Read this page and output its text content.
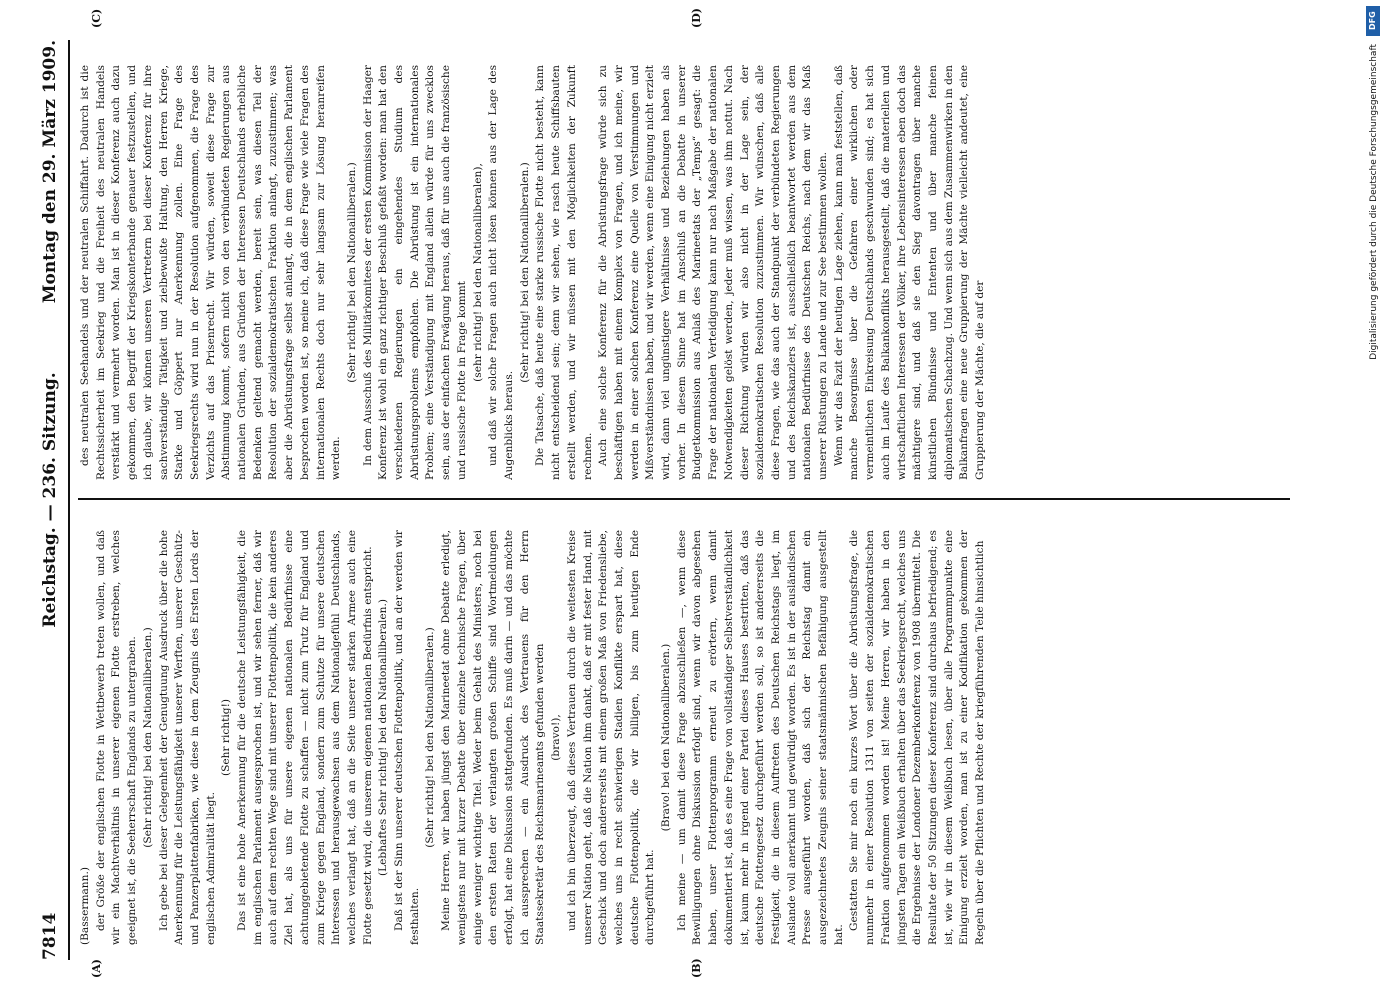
7814
Reichstag. — 236. Sitzung.
Montag den 29. März 1909.
(A)	(B)
(C)	(D)

(Bassermann.) der Größe der englischen Flotte in Wettbewerb treten wollen, und daß wir ein Machtverhältnis in unserer eigenen Flotte erstreben, welches geeignet ist, die Seeherrschaft Englands zu untergraben. (Sehr richtig! bei den Nationalliberalen.) Ich gebe bei dieser Gelegenheit der Genugtuung Ausdruck über die hohe Anerkennung für die Leistungsfähigkeit unserer Werften, unserer Geschütz- und Panzerplattenfabriken, wie diese in dem Zeugnis des Ersten Lords der englischen Admiralität liegt.

(Sehr richtig!) Das ist eine hohe Anerkennung für die deutsche Leistungsfähigkeit, die im englischen Parlament ausgesprochen ist, und wir sehen ferner, daß wir auch auf dem rechten Wege sind mit unserer Flottenpolitik, die kein anderes Ziel hat, als uns für unsere eigenen nationalen Bedürfnisse eine achtunggebietende Flotte zu schaffen — nicht zum Trutz für England und zum Kriege gegen England, sondern zum Schutze für unsere deutschen Interessen und herausgewachsen aus dem Nationalgefühl Deutschlands, welches verlangt hat, daß an die Seite unserer starken Armee auch eine Flotte gesetzt wird, die unserem eigenen nationalen Bedürfnis entspricht. (Lebhaftes Sehr richtig! bei den Nationalliberalen.) Daß ist der Sinn unserer deutschen Flottenpolitik, und an der werden wir festhalten.

(Sehr richtig! bei den Nationalliberalen.) Meine Herren, wir haben jüngst den Marineetat ohne Debatte erledigt, wenigstens nur mit kurzer Debatte über einzelne technische Fragen, über einige weniger wichtige Titel. Weder beim Gehalt des Ministers, noch bei den ersten Raten der verlangten großen Schiffe sind Wortmeldungen erfolgt, hat eine Diskussion stattgefunden. Es muß darin — und das möchte ich aussprechen — ein Ausdruck des Vertrauens für den Herrn Staatssekretär des Reichsmarineamts gefunden werden (bravo!), und ich bin überzeugt, daß dieses Vertrauen durch die weitesten Kreise unserer Nation geht, daß die Nation ihm dankt, daß er mit fester Hand, mit Geschick und doch andererseits mit einem großen Maß von Friedensliebe, welches uns in recht schwierigen Stadien Konflikte erspart hat, diese deutsche Flottenpolitik, die wir billigen, bis zum heutigen Ende durchgeführt hat.

(Bravo! bei den Nationalliberalen.) Ich meine — um damit diese Frage abzuschließen —, wenn diese Bewilligungen ohne Diskussion erfolgt sind, wenn wir davon abgesehen haben, unser Flottenprogramm erneut zu erörtern, wenn damit dokumentiert ist, daß es eine Frage von vollständiger Selbstverständlichkeit ist, kaum mehr in irgend einer Partei dieses Hauses bestritten, daß das deutsche Flottengesetz durchgeführt werden soll, so ist andererseits die Festigkeit, die in diesem Auftreten des Deutschen Reichstags liegt, im Auslande voll anerkannt und gewürdigt worden. Es ist in der ausländischen Presse ausgeführt worden, daß sich der Reichstag damit ein ausgezeichnetes Zeugnis seiner staatsmännischen Befähigung ausgestellt hat.

Gestatten Sie mir noch ein kurzes Wort über die Abrüstungsfrage, die nunmehr in einer Resolution 1311 von seiten der sozialdemokratischen Fraktion aufgenommen worden ist! Meine Herren, wir haben in den jüngsten Tagen ein Weißbuch erhalten über das Seekriegsrecht, welches uns die Ergebnisse der Londoner Dezemberkonferenz von 1908 übermittelt. Die Resultate der 50 Sitzungen dieser Konferenz sind durchaus befriedigend; es ist, wie wir in diesem Weißbuch lesen, über alle Programmpunkte eine Einigung erzielt worden, man ist zu einer Kodifikation gekommen der Regeln über die Pflichten und Rechte der kriegführenden Teile hinsichtlich

des neutralen Seehandels und der neutralen Schiffahrt. Dadurch ist die Rechtssicherheit im Seekrieg und die Freiheit des neutralen Handels verstärkt und vermehrt worden. Man ist in dieser Konferenz auch dazu gekommen, den Begriff der Kriegskonterbande genauer festzustellen, und ich glaube, wir können unseren Vertretern bei dieser Konferenz für ihre sachverständige Tätigkeit und zielbewußte Haltung, den Herren Kriege, Starke und Göppert nur Anerkennung zollen. Eine Frage des Seekriegsrechts wird nun in der Resolution aufgenommen, die Frage des Verzichts auf das Prisenrecht. Wir würden, soweit diese Frage zur Abstimmung kommt, sofern nicht von den verbündeten Regierungen aus nationalen Gründen, aus Gründen der Interessen Deutschlands erhebliche Bedenken geltend gemacht werden, bereit sein, was diesen Teil der Resolution der sozialdemokratischen Fraktion anlangt, zuzustimmen; was aber die Abrüstungsfrage selbst anlangt, die in dem englischen Parlament besprochen worden ist, so meine ich, daß diese Frage wie viele Fragen des internationalen Rechts doch nur sehr langsam zur Lösung heranreifen werden.

(Sehr richtig! bei den Nationalliberalen.) In dem Ausschuß des Militärkomitees der ersten Kommission der Haager Konferenz ist wohl ein ganz richtiger Beschluß gefaßt worden: man hat den verschiedenen Regierungen ein eingehendes Studium des Abrüstungsproblems empfohlen. Die Abrüstung ist ein internationales Problem; eine Verständigung mit England allein würde für uns zwecklos sein, aus der einfachen Erwägung heraus, daß für uns auch die französische und russische Flotte in Frage kommt (sehr richtig! bei den Nationalliberalen), und daß wir solche Fragen auch nicht lösen können aus der Lage des Augenblicks heraus.

(Sehr richtig! bei den Nationalliberalen.) Die Tatsache, daß heute eine starke russische Flotte nicht besteht, kann nicht entscheidend sein; denn wir sehen, wie rasch heute Schiffsbauten erstellt werden, und wir müssen mit den Möglichkeiten der Zukunft rechnen. Auch eine solche Konferenz für die Abrüstungsfrage würde sich zu beschäftigen haben mit einem Komplex von Fragen, und ich meine, wir werden in einer solchen Konferenz eine Quelle von Verstimmungen und Mißverständnissen haben, und wir werden, wenn eine Einigung nicht erzielt wird, dann viel ungünstigere Verhältnisse und Beziehungen haben als vorher. In diesem Sinne hat im Anschluß an die Debatte in unserer Budgetkommission aus Anlaß des Marineetats der „Temps“ gesagt: die Frage der nationalen Verteidigung kann nur nach Maßgabe der nationalen Notwendigkeiten gelöst werden, jeder muß wissen, was ihm nottut. Nach dieser Richtung würden wir also nicht in der Lage sein, der sozialdemokratischen Resolution zuzustimmen. Wir wünschen, daß alle diese Fragen, wie das auch der Standpunkt der verbündeten Regierungen und des Reichskanzlers ist, ausschließlich beantwortet werden aus dem nationalen Bedürfnisse des Deutschen Reichs, nach dem wir das Maß unserer Rüstungen zu Lande und zur See bestimmen wollen. Wenn wir das Fazit der heutigen Lage ziehen, kann man feststellen, daß manche Besorgnisse über die Gefahren einer wirklichen oder vermeintlichen Einkreisung Deutschlands geschwunden sind; es hat sich auch im Laufe des Balkankonflikts herausgestellt, daß die materiellen und wirtschaftlichen Interessen der Völker, ihre Lebensinteressen eben doch das mächtigere sind, und daß sie den Sieg davontragen über manche künstlichen Bündnisse und Ententen und über manche feinen diplomatischen Schachzug. Und wenn sich aus dem Zusammenwirken in den Balkanfragen eine neue Gruppierung der Mächte vielleicht andeutet, eine Gruppierung der Mächte, die auf der

DFG
Digitalisierung gefördert durch die Deutsche Forschungsgemeinschaft
